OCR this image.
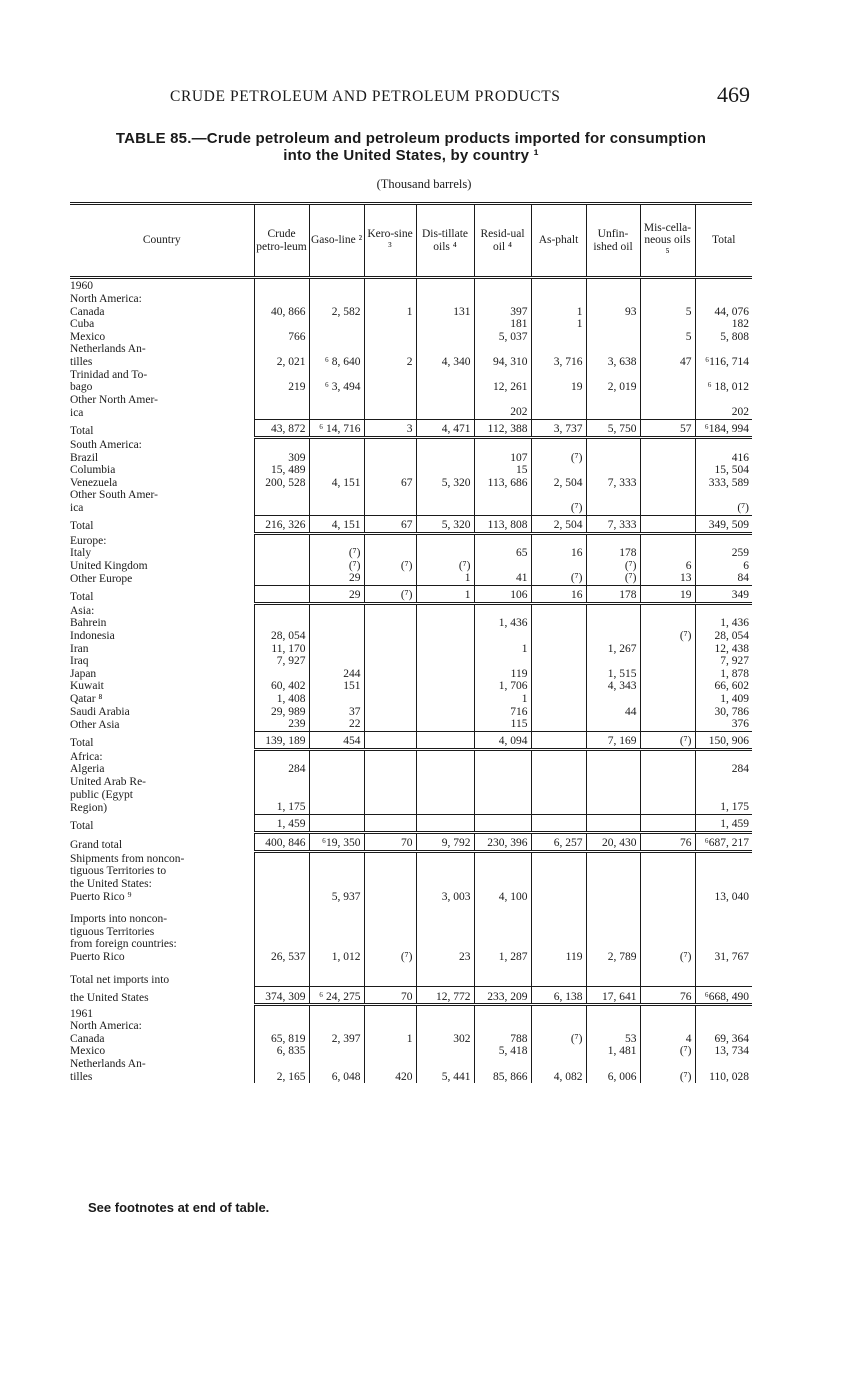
CRUDE PETROLEUM AND PETROLEUM PRODUCTS	469
TABLE 85.—Crude petroleum and petroleum products imported for consumption
into the United States, by country ¹
(Thousand barrels)
Country	Crude petro-leum	Gaso-line ²	Kero-sine ³	Dis-tillate oils ⁴	Resid-ual oil ⁴	As-phalt	Unfin-ished oil	Mis-cella-neous oils ⁵	Total
1960									
North America:									
Canada	40, 866	2, 582	1	131	397	1	93	5	44, 076
Cuba					181	1			182
Mexico	766				5, 037			5	5, 808
Netherlands An-									
tilles	2, 021	⁶ 8, 640	2	4, 340	94, 310	3, 716	3, 638	47	⁶116, 714
Trinidad and To-									
bago	219	⁶ 3, 494			12, 261	19	2, 019		⁶ 18, 012
Other North Amer-									
ica					202				202
Total	43, 872	⁶ 14, 716	3	4, 471	112, 388	3, 737	5, 750	57	⁶184, 994
South America:									
Brazil	309				107	(⁷)			416
Columbia	15, 489				15				15, 504
Venezuela	200, 528	4, 151	67	5, 320	113, 686	2, 504	7, 333		333, 589
Other South Amer-									
ica						(⁷)			(⁷)
Total	216, 326	4, 151	67	5, 320	113, 808	2, 504	7, 333		349, 509
Europe:									
Italy		(⁷)			65	16	178		259
United Kingdom		(⁷)	(⁷)	(⁷)			(⁷)	6	6
Other Europe		29		1	41	(⁷)	(⁷)	13	84
Total		29	(⁷)	1	106	16	178	19	349
Asia:									
Bahrein					1, 436				1, 436
Indonesia	28, 054							(⁷)	28, 054
Iran	11, 170				1		1, 267		12, 438
Iraq	7, 927								7, 927
Japan		244			119		1, 515		1, 878
Kuwait	60, 402	151			1, 706		4, 343		66, 602
Qatar ⁸	1, 408				1				1, 409
Saudi Arabia	29, 989	37			716		44		30, 786
Other Asia	239	22			115				376
Total	139, 189	454			4, 094		7, 169	(⁷)	150, 906
Africa:									
Algeria	284								284
United Arab Re-									
public (Egypt									
Region)	1, 175								1, 175
Total	1, 459								1, 459
Grand total	400, 846	⁶19, 350	70	9, 792	230, 396	6, 257	20, 430	76	⁶687, 217
Shipments from noncon-									
tiguous Territories to									
the United States:									
Puerto Rico ⁹		5, 937		3, 003	4, 100				13, 040

Imports into noncon-									
tiguous Territories									
from foreign countries:									
Puerto Rico	26, 537	1, 012	(⁷)	23	1, 287	119	2, 789	(⁷)	31, 767

Total net imports into									
the United States	374, 309	⁶ 24, 275	70	12, 772	233, 209	6, 138	17, 641	76	⁶668, 490
1961									
North America:									
Canada	65, 819	2, 397	1	302	788	(⁷)	53	4	69, 364
Mexico	6, 835				5, 418		1, 481	(⁷)	13, 734
Netherlands An-									
tilles	2, 165	6, 048	420	5, 441	85, 866	4, 082	6, 006	(⁷)	110, 028
See footnotes at end of table.
